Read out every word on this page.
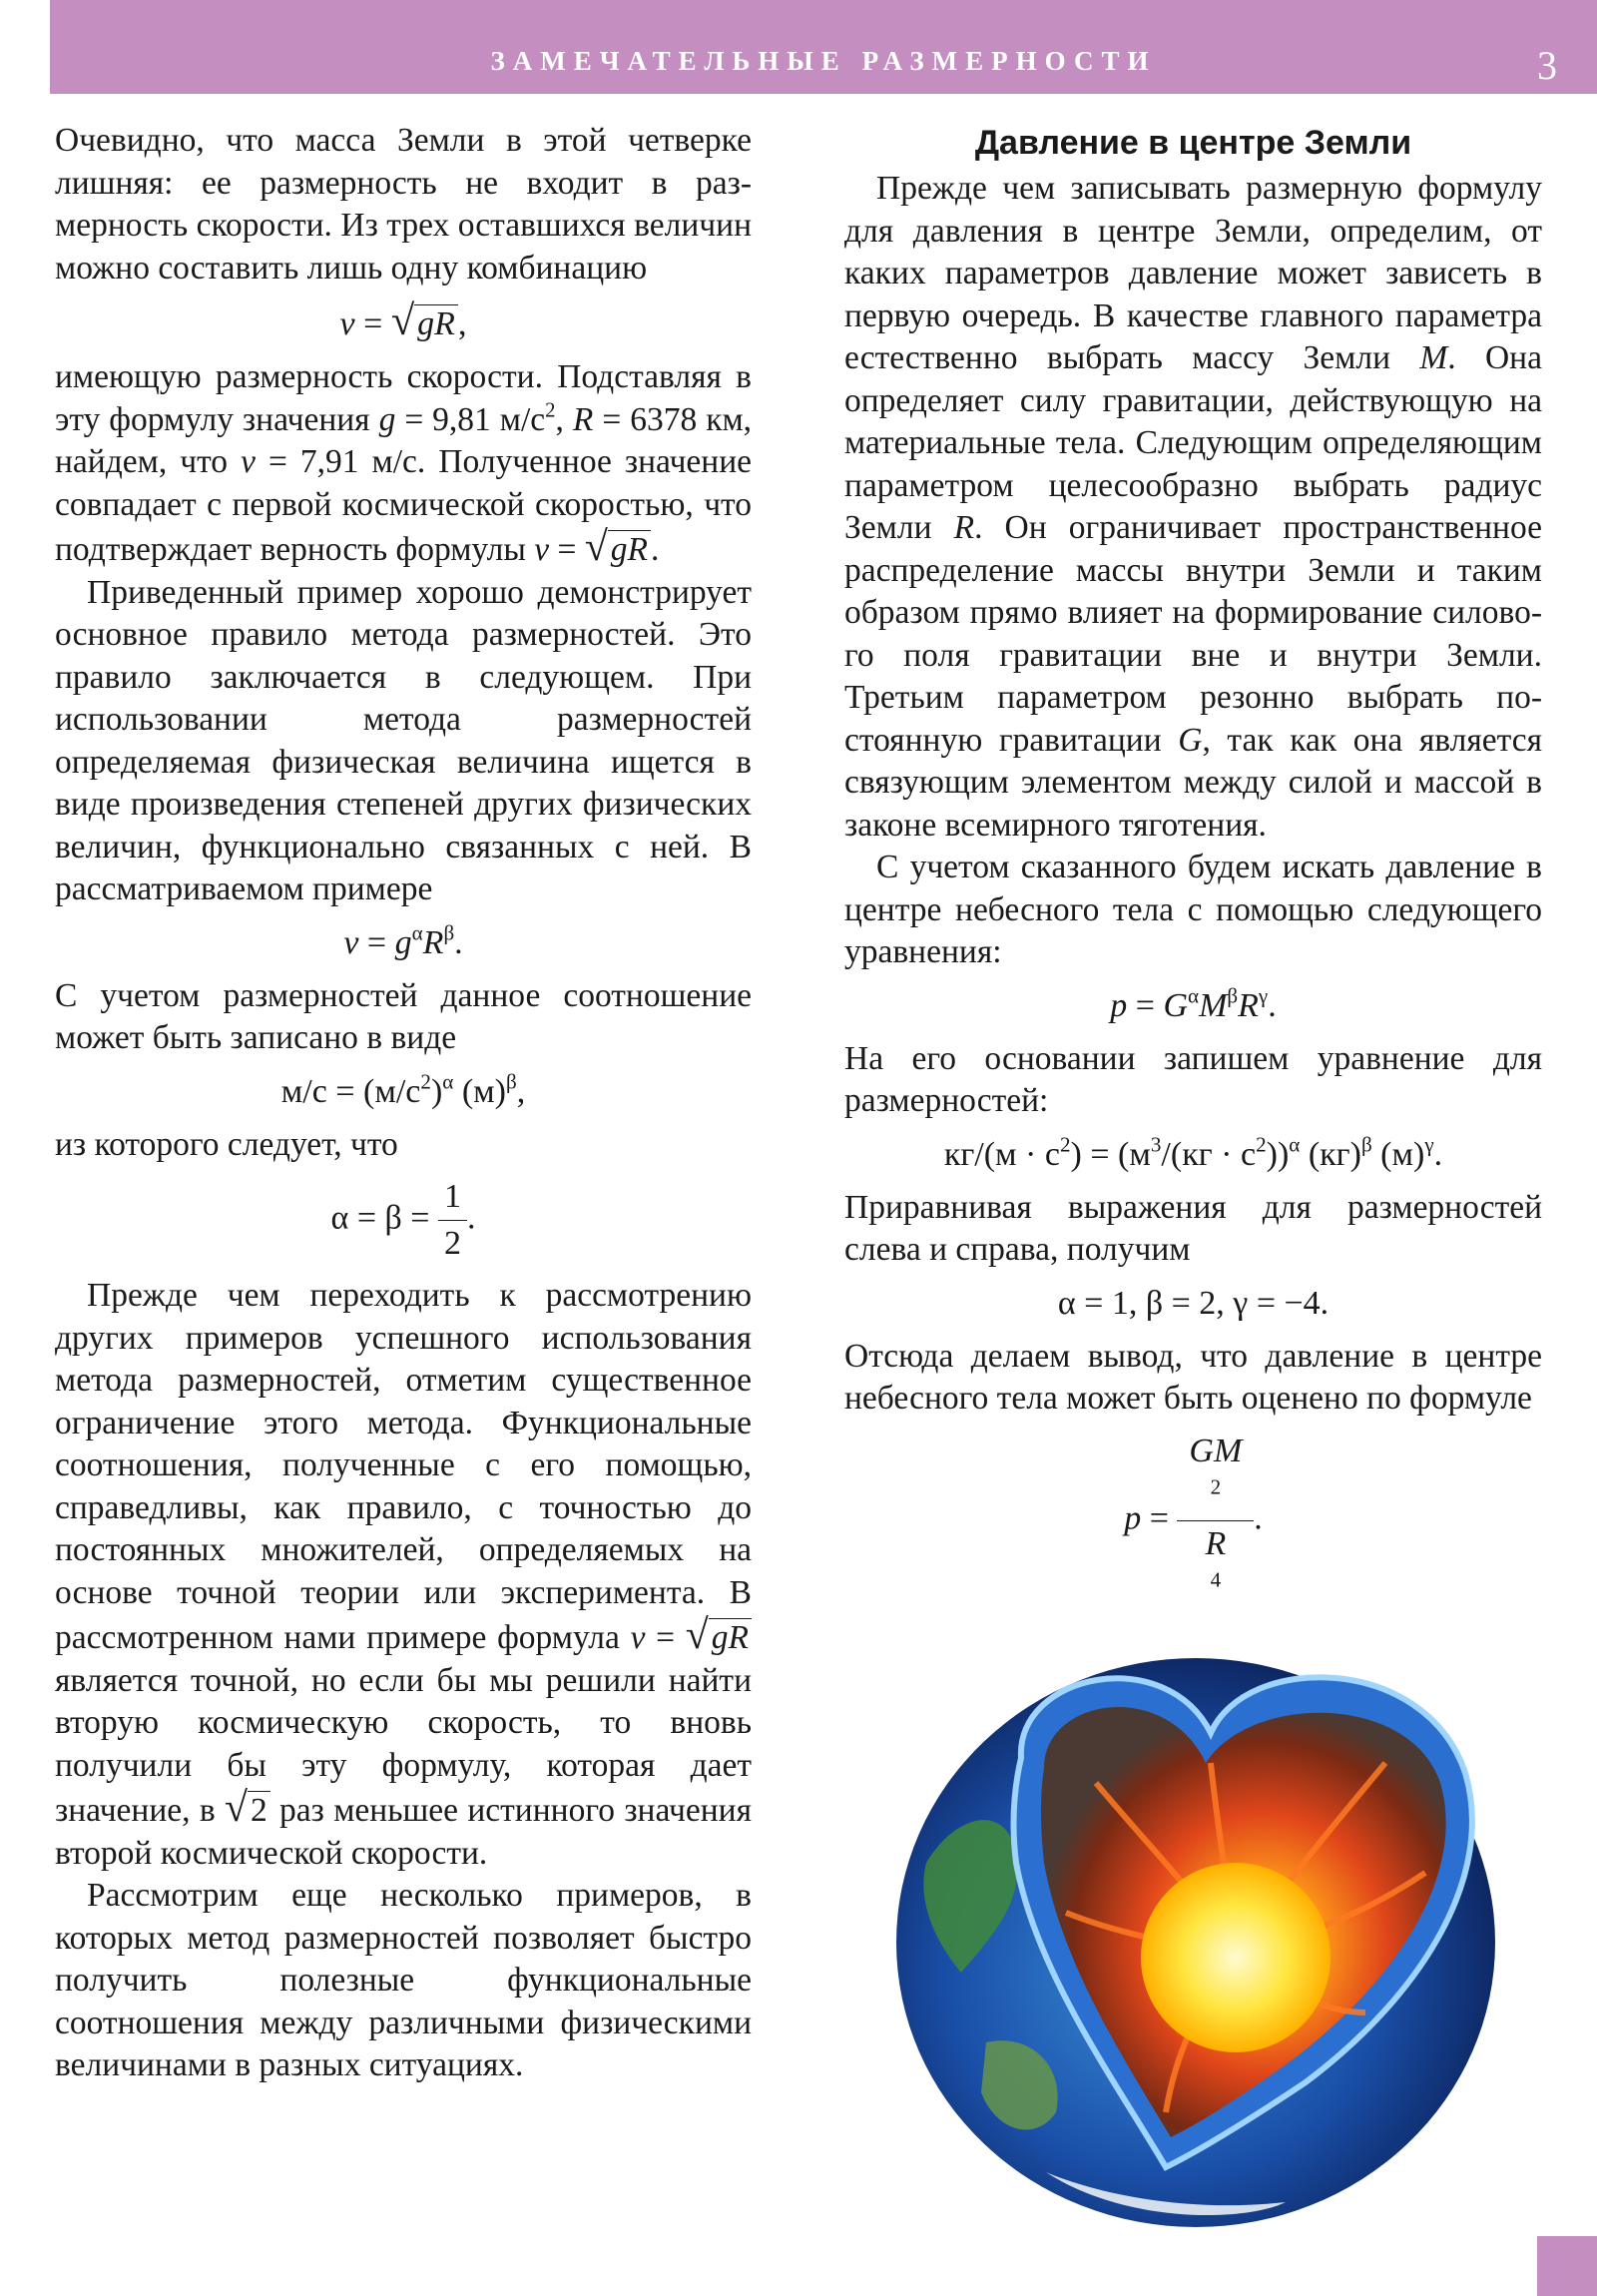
ЗАМЕЧАТЕЛЬНЫЕ РАЗМЕРНОСТИ	3

Очевидно, что масса Земли в этой четверке лишняя: ее размерность не входит в размерность скорости. Из трех оставшихся величин можно составить лишь одну комбинацию

v = √gR,

имеющую размерность скорости. Подставляя в эту формулу значения g = 9,81 $м/с^2$, R = 6378 км, найдем, что v = 7,91 м/с. Полученное значение совпадает с первой космической скоростью, что подтверждает верность формулы v = √gR.

Приведенный пример хорошо демонстрирует основное правило метода размерностей. Это правило заключается в следующем. При использовании метода размерностей определяемая физическая величина ищется в виде произведения степеней других физических величин, функционально связанных с ней. В рассматриваемом примере

$v = g^\alpha R^\beta$.

С учетом размерностей данное соотношение может быть записано в виде

$м/с = (м/с^2)^\alpha$ $(м)^\beta$,

из которого следует, что

$\alpha = \beta = \frac{1}{2}$ .

Прежде чем переходить к рассмотрению других примеров успешного использования метода размерностей, отметим существенное ограничение этого метода. Функциональные соотношения, полученные с его помощью, справедливы, как правило, с точностью до постоянных множителей, определяемых на основе точной теории или эксперимента. В рассмотренном нами примере формула v = √gR является точной, но если бы мы решили найти вторую космическую скорость, то вновь получили бы эту формулу, которая дает значение, в √2 раз меньшее истинного значения второй космической скорости.

Рассмотрим еще несколько примеров, в которых метод размерностей позволяет быстро получить полезные функциональные соотношения между различными физическими величинами в разных ситуациях.

Давление в центре Земли

Прежде чем записывать размерную формулу для давления в центре Земли, определим, от каких параметров давление может зависеть в первую очередь. В качестве главного параметра естественно выбрать массу Земли M. Она определяет силу гравитации, действующую на материальные тела. Следующим определяющим параметром целесообразно выбрать радиус Земли R. Он ограничивает пространственное распределение массы внутри Земли и таким образом прямо влияет на формирование силового поля гравитации вне и внутри Земли. Третьим параметром резонно выбрать постоянную гравитации G, так как она является связующим элементом между силой и массой в законе всемирного тяготения.

С учетом сказанного будем искать давление в центре небесного тела с помощью следующего уравнения:

$p = G^\alpha M^\beta R^\gamma$.

На его основании запишем уравнение для размерностей:

$кг/(м \cdot с^2) = (м^3/(кг \cdot с^2))^\alpha$ (кг)$^\beta$ $(м)^\gamma$.

Приравнивая выражения для размерностей слева и справа, получим

α = 1, β = 2, γ = −4.

Отсюда делаем вывод, что давление в центре небесного тела может быть оценено по формуле

p = GM
$^2$
R
$^4$ .
